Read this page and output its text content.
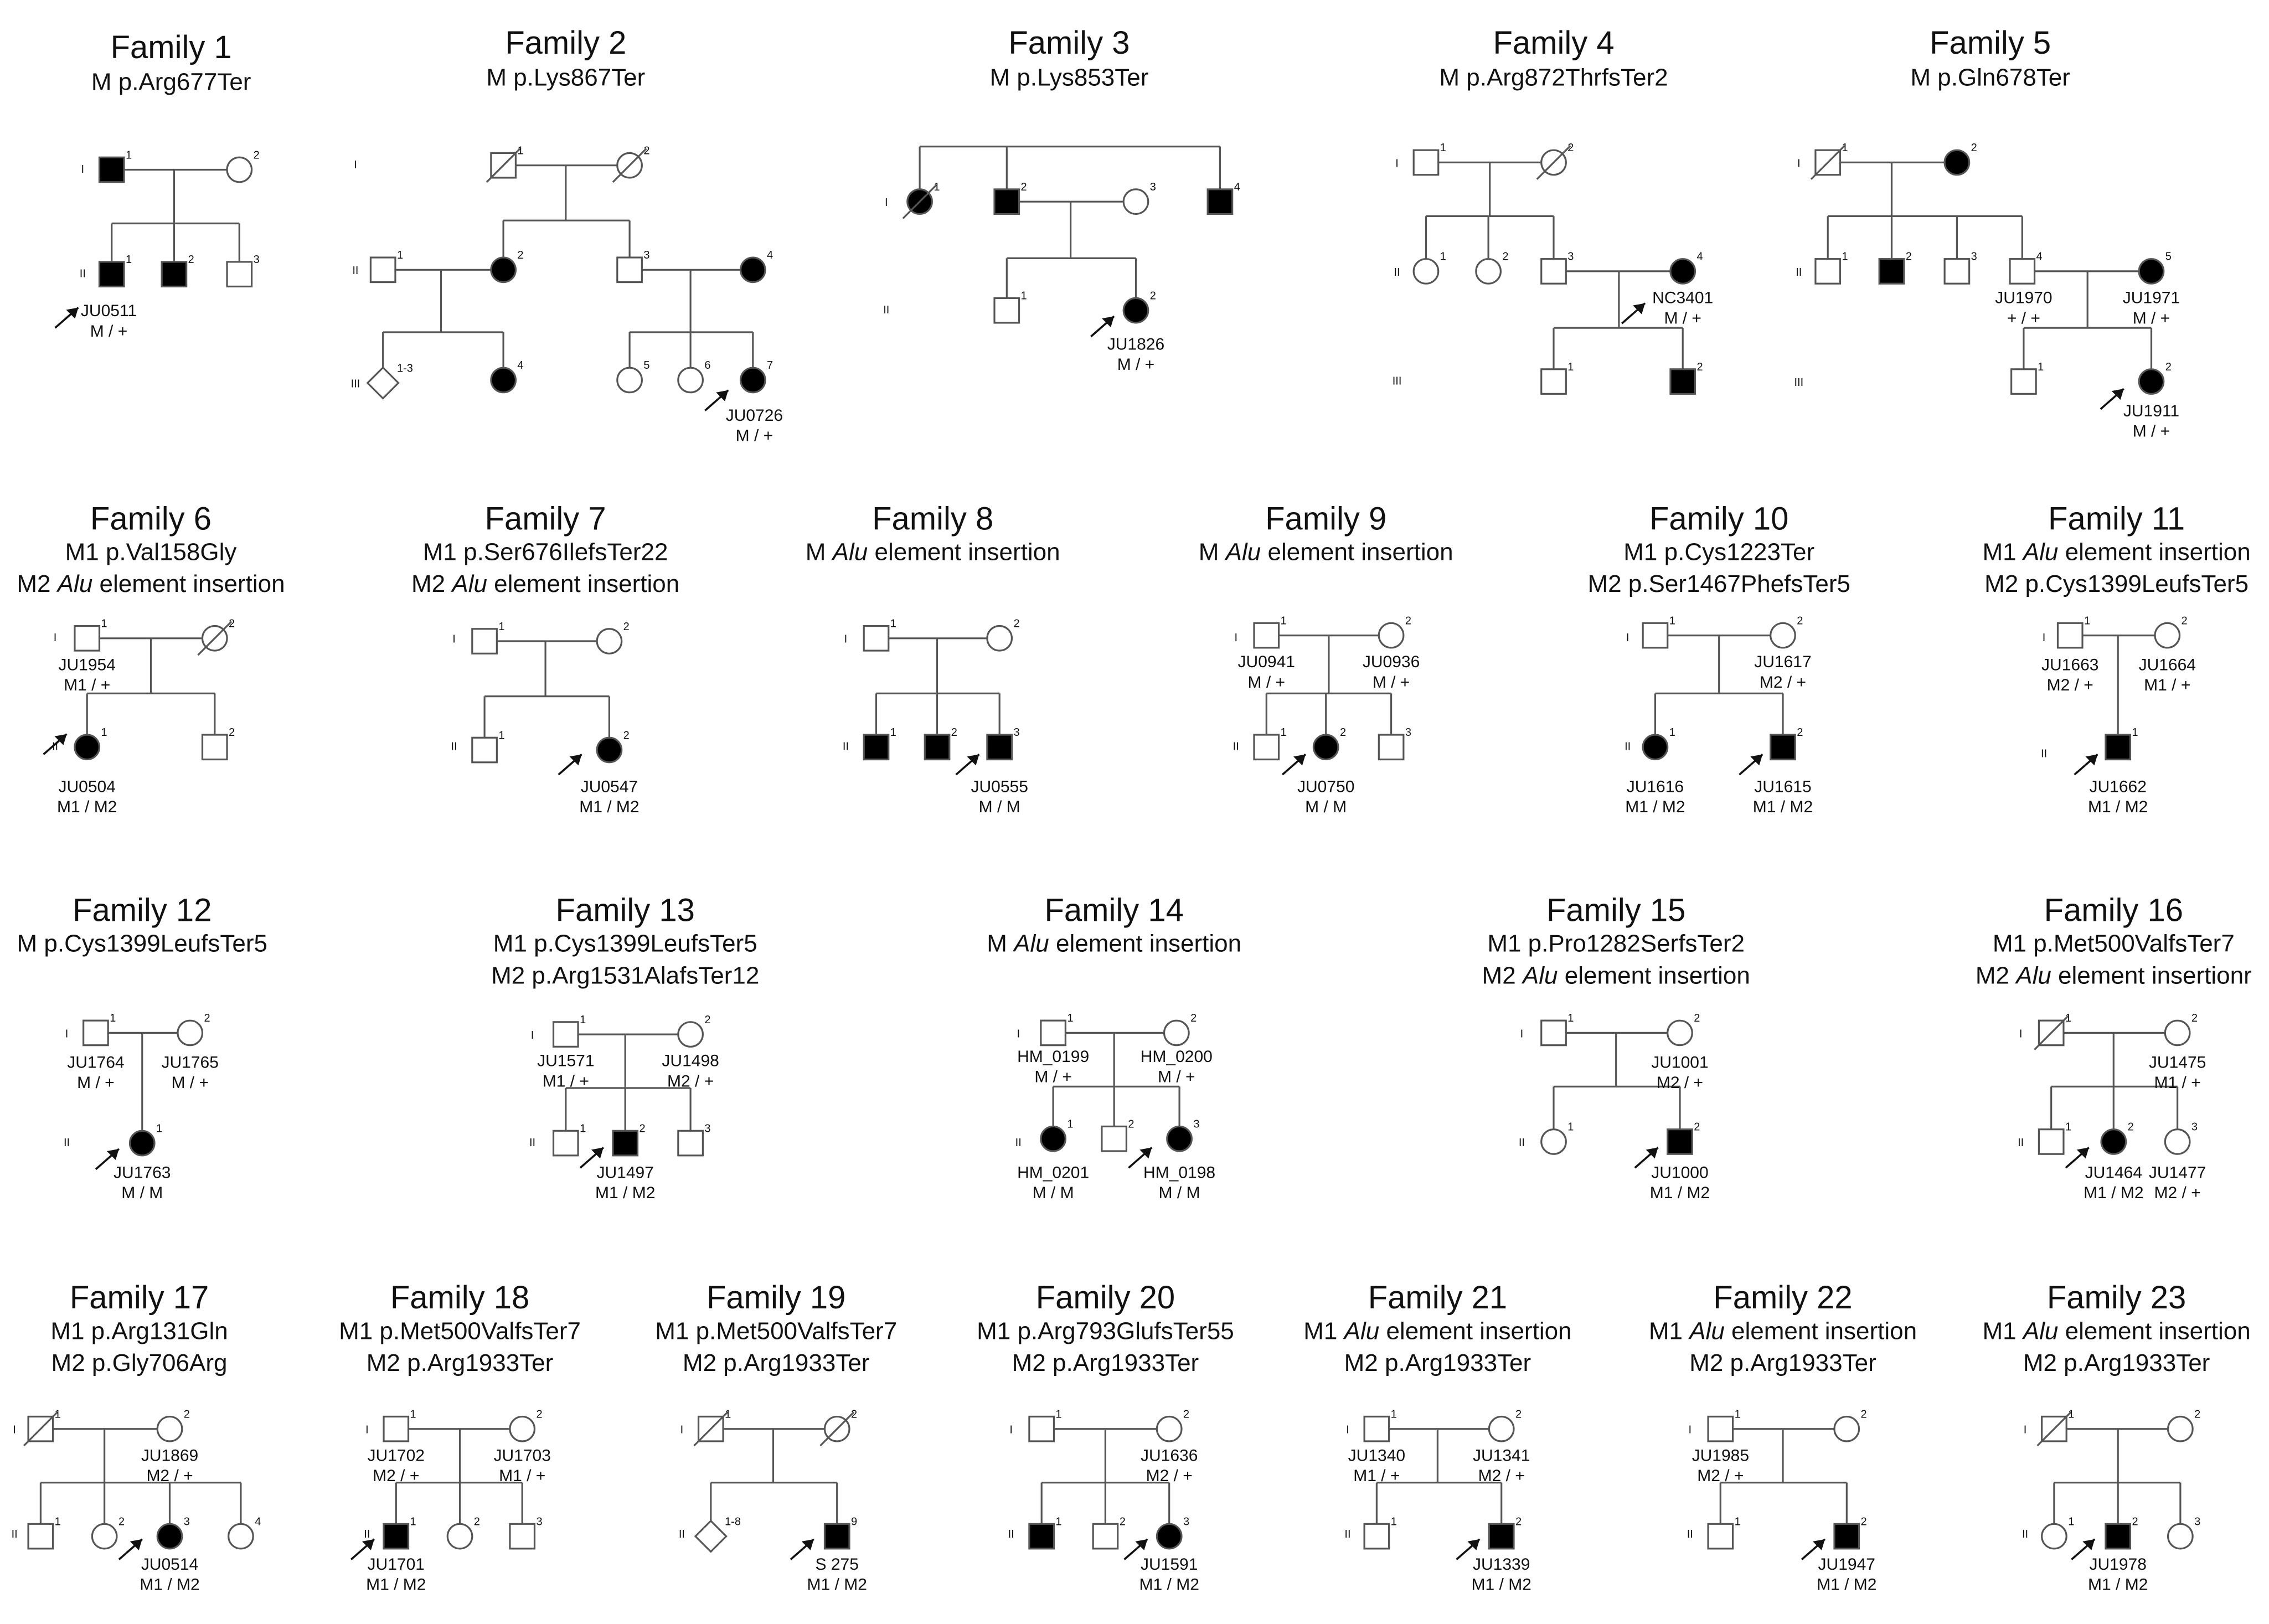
Family 1
M p.Arg677Ter
I
II
1	2
1
JU0511
M / +
2	3
Family 2
M p.Lys867Ter
I
II
III
1	2
1	2	3	4
1-3	4	5	6	7
JU0726
M / +
Family 3
M p.Lys853Ter
I
II
1	2	3	4
1	2
JU1826
M / +
Family 4
M p.Arg872ThrfsTer2
I
II
III
1	2
1	2	3	4
NC3401
M / +
1	2
Family 5
M p.Gln678Ter
I
II
III
1	2
1	2	3	4
JU1970
+ / +
5
JU1971
M / +
1	2
JU1911
M / +
Family 6
M1 p.Val158Gly
M2 Alu element insertion
I
II
1
JU1954
M1 / +
2
1
JU0504
M1 / M2
2
Family 7
M1 p.Ser676IlefsTer22
M2 Alu element insertion
I
II
1	2
1	2
JU0547
M1 / M2
Family 8
M Alu element insertion
I
II
1	2
1	2	3
JU0555
M / M
Family 9
M Alu element insertion
I
II
1
JU0941
M / +
2
JU0936
M / +
1	2
JU0750
M / M
3
Family 10
M1 p.Cys1223Ter
M2 p.Ser1467PhefsTer5
I
II
1	2
JU1617
M2 / +
1
JU1616
M1 / M2
2
JU1615
M1 / M2
Family 11
M1 Alu element insertion
M2 p.Cys1399LeufsTer5
I
II
1
JU1663
M2 / +
2
JU1664
M1 / +
1
JU1662
M1 / M2
Family 12
M p.Cys1399LeufsTer5
I
II
1
JU1764
M / +
2
JU1765
M / +
1
JU1763
M / M
Family 13
M1 p.Cys1399LeufsTer5
M2 p.Arg1531AlafsTer12
I
II
1
JU1571
M1 / +
2
JU1498
M2 / +
1	2
JU1497
M1 / M2
3
Family 14
M Alu element insertion
I
II
1
HM_0199
M / +
2
HM_0200
M / +
1
HM_0201
M / M
2	3
HM_0198
M / M
Family 15
M1 p.Pro1282SerfsTer2
M2 Alu element insertion
I
II
1	2
JU1001
M2 / +
1	2
JU1000
M1 / M2
Family 16
M1 p.Met500ValfsTer7
M2 Alu element insertionr
I
II
1	2
JU1475
M1 / +
1	2
JU1464
M1 / M2
3
JU1477
M2 / +
Family 17
M1 p.Arg131Gln
M2 p.Gly706Arg
I
II
1	2
JU1869
M2 / +
1	2	3
JU0514
M1 / M2
4
Family 18
M1 p.Met500ValfsTer7
M2 p.Arg1933Ter
I
II
1
JU1702
M2 / +
2
JU1703
M1 / +
1
JU1701
M1 / M2
2	3
Family 19
M1 p.Met500ValfsTer7
M2 p.Arg1933Ter
I
II
1	2
1-8	9
S 275
M1 / M2
Family 20
M1 p.Arg793GlufsTer55
M2 p.Arg1933Ter
I
II
1	2
JU1636
M2 / +
1	2	3
JU1591
M1 / M2
Family 21
M1 Alu element insertion
M2 p.Arg1933Ter
I
II
1
JU1340
M1 / +
2
JU1341
M2 / +
1	2
JU1339
M1 / M2
Family 22
M1 Alu element insertion
M2 p.Arg1933Ter
I
II
1
JU1985
M2 / +
2
1	2
JU1947
M1 / M2
Family 23
M1 Alu element insertion
M2 p.Arg1933Ter
I
II
1	2
1	2
JU1978
M1 / M2
3
